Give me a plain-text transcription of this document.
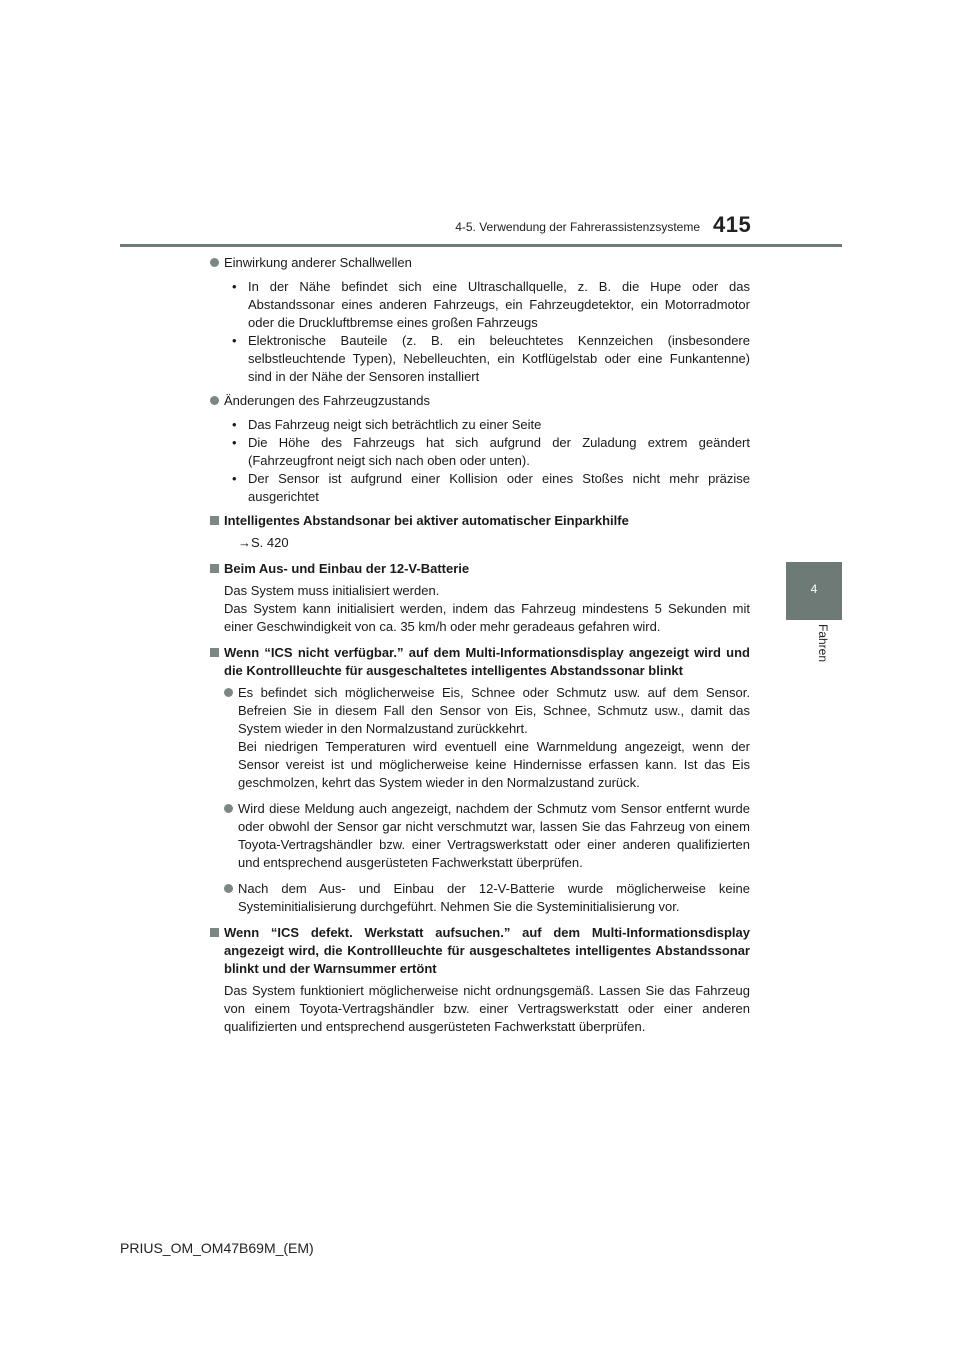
4-5. Verwendung der Fahrerassistenzsysteme 415
4
Fahren
Einwirkung anderer Schallwellen
• In der Nähe befindet sich eine Ultraschallquelle, z. B. die Hupe oder das Abstandssonar eines anderen Fahrzeugs, ein Fahrzeugdetektor, ein Motorradmotor oder die Druckluftbremse eines großen Fahrzeugs
• Elektronische Bauteile (z. B. ein beleuchtetes Kennzeichen (insbesondere selbstleuchtende Typen), Nebelleuchten, ein Kotflügelstab oder eine Funkantenne) sind in der Nähe der Sensoren installiert
Änderungen des Fahrzeugzustands
• Das Fahrzeug neigt sich beträchtlich zu einer Seite
• Die Höhe des Fahrzeugs hat sich aufgrund der Zuladung extrem geändert (Fahrzeugfront neigt sich nach oben oder unten).
• Der Sensor ist aufgrund einer Kollision oder eines Stoßes nicht mehr präzise ausgerichtet
Intelligentes Abstandsonar bei aktiver automatischer Einparkhilfe
→S. 420
Beim Aus- und Einbau der 12-V-Batterie
Das System muss initialisiert werden.
Das System kann initialisiert werden, indem das Fahrzeug mindestens 5 Sekunden mit einer Geschwindigkeit von ca. 35 km/h oder mehr geradeaus gefahren wird.
Wenn “ICS nicht verfügbar.” auf dem Multi-Informationsdisplay angezeigt wird und die Kontrollleuchte für ausgeschaltetes intelligentes Abstandssonar blinkt
Es befindet sich möglicherweise Eis, Schnee oder Schmutz usw. auf dem Sensor. Befreien Sie in diesem Fall den Sensor von Eis, Schnee, Schmutz usw., damit das System wieder in den Normalzustand zurückkehrt.
Bei niedrigen Temperaturen wird eventuell eine Warnmeldung angezeigt, wenn der Sensor vereist ist und möglicherweise keine Hindernisse erfassen kann. Ist das Eis geschmolzen, kehrt das System wieder in den Normalzustand zurück.
Wird diese Meldung auch angezeigt, nachdem der Schmutz vom Sensor entfernt wurde oder obwohl der Sensor gar nicht verschmutzt war, lassen Sie das Fahrzeug von einem Toyota-Vertragshändler bzw. einer Vertragswerkstatt oder einer anderen qualifizierten und entsprechend ausgerüsteten Fachwerkstatt überprüfen.
Nach dem Aus- und Einbau der 12-V-Batterie wurde möglicherweise keine Systeminitialisierung durchgeführt. Nehmen Sie die Systeminitialisierung vor.
Wenn “ICS defekt. Werkstatt aufsuchen.” auf dem Multi-Informationsdisplay angezeigt wird, die Kontrollleuchte für ausgeschaltetes intelligentes Abstandssonar blinkt und der Warnsummer ertönt
Das System funktioniert möglicherweise nicht ordnungsgemäß. Lassen Sie das Fahrzeug von einem Toyota-Vertragshändler bzw. einer Vertragswerkstatt oder einer anderen qualifizierten und entsprechend ausgerüsteten Fachwerkstatt überprüfen.
PRIUS_OM_OM47B69M_(EM)
